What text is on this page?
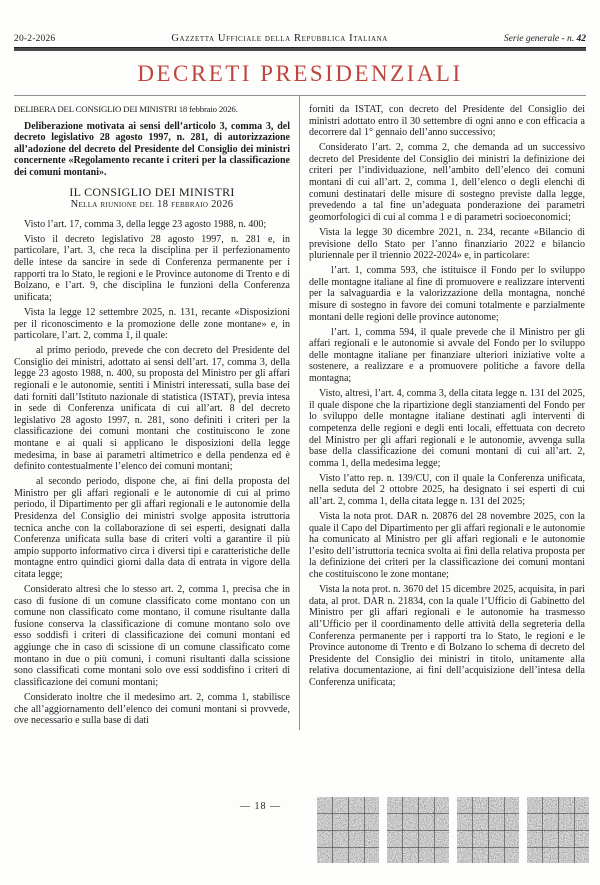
20-2-2026	Gazzetta Ufficiale della Repubblica Italiana	Serie generale - n. 42
DECRETI PRESIDENZIALI

DELIBERA DEL CONSIGLIO DEI MINISTRI 18 febbraio 2026.

Deliberazione motivata ai sensi dell’articolo 3, comma 3, del decreto legislativo 28 agosto 1997, n. 281, di autorizzazione all’adozione del decreto del Presidente del Consiglio dei ministri concernente «Regolamento recante i criteri per la classificazione dei comuni montani».

IL CONSIGLIO DEI MINISTRI

Nella riunione del 18 febbraio 2026

Visto l’art. 17, comma 3, della legge 23 agosto 1988, n. 400;

Visto il decreto legislativo 28 agosto 1997, n. 281 e, in particolare, l’art. 3, che reca la disciplina per il perfezionamento delle intese da sancire in sede di Conferenza permanente per i rapporti tra lo Stato, le regioni e le Province autonome di Trento e di Bolzano, e l’art. 9, che disciplina le funzioni della Conferenza unificata;

Vista la legge 12 settembre 2025, n. 131, recante «Disposizioni per il riconoscimento e la promozione delle zone montane» e, in particolare, l’art. 2, comma 1, il quale:

al primo periodo, prevede che con decreto del Presidente del Consiglio dei ministri, adottato ai sensi dell’art. 17, comma 3, della legge 23 agosto 1988, n. 400, su proposta del Ministro per gli affari regionali e le autonomie, sentiti i Ministri interessati, sulla base dei dati forniti dall’Istituto nazionale di statistica (ISTAT), previa intesa in sede di Conferenza unificata di cui all’art. 8 del decreto legislativo 28 agosto 1997, n. 281, sono definiti i criteri per la classificazione dei comuni montani che costituiscono le zone montane e ai quali si applicano le disposizioni della legge medesima, in base ai parametri altimetrico e della pendenza ed è definito contestualmente l’elenco dei comuni montani;

al secondo periodo, dispone che, ai fini della proposta del Ministro per gli affari regionali e le autonomie di cui al primo periodo, il Dipartimento per gli affari regionali e le autonomie della Presidenza del Consiglio dei ministri svolge apposita istruttoria tecnica anche con la collaborazione di sei esperti, designati dalla Conferenza unificata sulla base di criteri volti a garantire il più ampio supporto informativo circa i diversi tipi e caratteristiche delle montagne entro quindici giorni dalla data di entrata in vigore della citata legge;

Considerato altresì che lo stesso art. 2, comma 1, precisa che in caso di fusione di un comune classificato come montano con un comune non classificato come montano, il comune risultante dalla fusione conserva la classificazione di comune montano solo ove esso soddisfi i criteri di classificazione dei comuni montani ed aggiunge che in caso di scissione di un comune classificato come montano in due o più comuni, i comuni risultanti dalla scissione sono classificati come montani solo ove essi soddisfino i criteri di classificazione dei comuni montani;

Considerato inoltre che il medesimo art. 2, comma 1, stabilisce che all’aggiornamento dell’elenco dei comuni montani si provvede, ove necessario e sulla base di dati

forniti da ISTAT, con decreto del Presidente del Consiglio dei ministri adottato entro il 30 settembre di ogni anno e con efficacia a decorrere dal 1° gennaio dell’anno successivo;

Considerato l’art. 2, comma 2, che demanda ad un successivo decreto del Presidente del Consiglio dei ministri la definizione dei criteri per l’individuazione, nell’ambito dell’elenco dei comuni montani di cui all’art. 2, comma 1, dell’elenco o degli elenchi di comuni destinatari delle misure di sostegno previste dalla legge, prevedendo a tal fine un’adeguata ponderazione dei parametri geomorfologici di cui al comma 1 e di parametri socioeconomici;

Vista la legge 30 dicembre 2021, n. 234, recante «Bilancio di previsione dello Stato per l’anno finanziario 2022 e bilancio pluriennale per il triennio 2022-2024» e, in particolare:

l’art. 1, comma 593, che istituisce il Fondo per lo sviluppo delle montagne italiane al fine di promuovere e realizzare interventi per la salvaguardia e la valorizzazione della montagna, nonché misure di sostegno in favore dei comuni totalmente e parzialmente montani delle regioni delle province autonome;

l’art. 1, comma 594, il quale prevede che il Ministro per gli affari regionali e le autonomie si avvale del Fondo per lo sviluppo delle montagne italiane per finanziare ulteriori iniziative volte a sostenere, a realizzare e a promuovere politiche a favore della montagna;

Visto, altresì, l’art. 4, comma 3, della citata legge n. 131 del 2025, il quale dispone che la ripartizione degli stanziamenti del Fondo per lo sviluppo delle montagne italiane destinati agli interventi di competenza delle regioni e degli enti locali, effettuata con decreto del Ministro per gli affari regionali e le autonomie, avvenga sulla base della classificazione dei comuni montani di cui all’art. 2, comma 1, della medesima legge;

Visto l’atto rep. n. 139/CU, con il quale la Conferenza unificata, nella seduta del 2 ottobre 2025, ha designato i sei esperti di cui all’art. 2, comma 1, della citata legge n. 131 del 2025;

Vista la nota prot. DAR n. 20876 del 28 novembre 2025, con la quale il Capo del Dipartimento per gli affari regionali e le autonomie ha comunicato al Ministro per gli affari regionali e le autonomie l’esito dell’istruttoria tecnica svolta ai fini della relativa proposta per la definizione dei criteri per la classificazione dei comuni montani che costituiscono le zone montane;

Vista la nota prot. n. 3670 del 15 dicembre 2025, acquisita, in pari data, al prot. DAR n. 21834, con la quale l’Ufficio di Gabinetto del Ministro per gli affari regionali e le autonomie ha trasmesso all’Ufficio per il coordinamento delle attività della segreteria della Conferenza permanente per i rapporti tra lo Stato, le regioni e le Province autonome di Trento e di Bolzano lo schema di decreto del Presidente del Consiglio dei ministri in titolo, unitamente alla relativa documentazione, ai fini dell’acquisizione dell’intesa della Conferenza unificata;

— 18 —
